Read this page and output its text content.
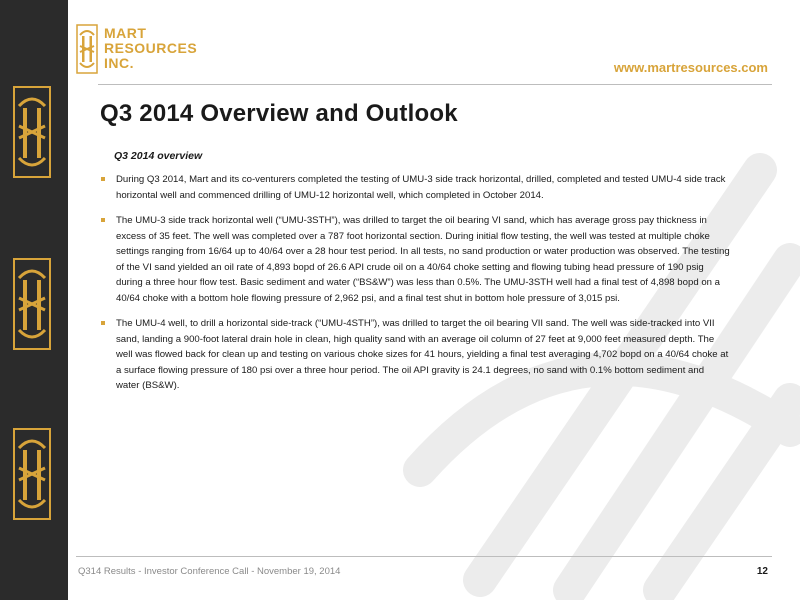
MART
RESOURCES
INC.	www.martresources.com
Q3 2014 Overview and Outlook
Q3 2014 overview
During Q3 2014, Mart and its co-venturers completed the testing of UMU-3 side track horizontal, drilled, completed and tested UMU-4 side track horizontal well and commenced drilling of UMU-12 horizontal well, which completed in October 2014.
The UMU-3 side track horizontal well (“UMU-3STH”), was drilled to target the oil bearing VI sand, which has average gross pay thickness in excess of 35 feet. The well was completed over a 787 foot horizontal section. During initial flow testing, the well was tested at multiple choke settings ranging from 16/64 up to 40/64 over a 28 hour test period. In all tests, no sand production or water production was observed. The testing of the VI sand yielded an oil rate of 4,893 bopd of 26.6 API crude oil on a 40/64 choke setting and flowing tubing head pressure of 190 psig during a three hour flow test. Basic sediment and water (“BS&W”) was less than 0.5%. The UMU-3STH well had a final test of 4,898 bopd on a 40/64 choke with a bottom hole flowing pressure of 2,962 psi, and a final test shut in bottom hole pressure of 3,015 psi.
The UMU-4 well, to drill a horizontal side-track (“UMU-4STH”), was drilled to target the oil bearing VII sand. The well was side-tracked into VII sand, landing a 900-foot lateral drain hole in clean, high quality sand with an average oil column of 27 feet at 9,000 feet measured depth. The well was flowed back for clean up and testing on various choke sizes for 41 hours, yielding a final test averaging 4,702 bopd on a 40/64 choke at a surface flowing pressure of 180 psi over a three hour period. The oil API gravity is 24.1 degrees, no sand with 0.1% bottom sediment and water (BS&W).
Q314 Results - Investor Conference Call - November 19, 2014	12
